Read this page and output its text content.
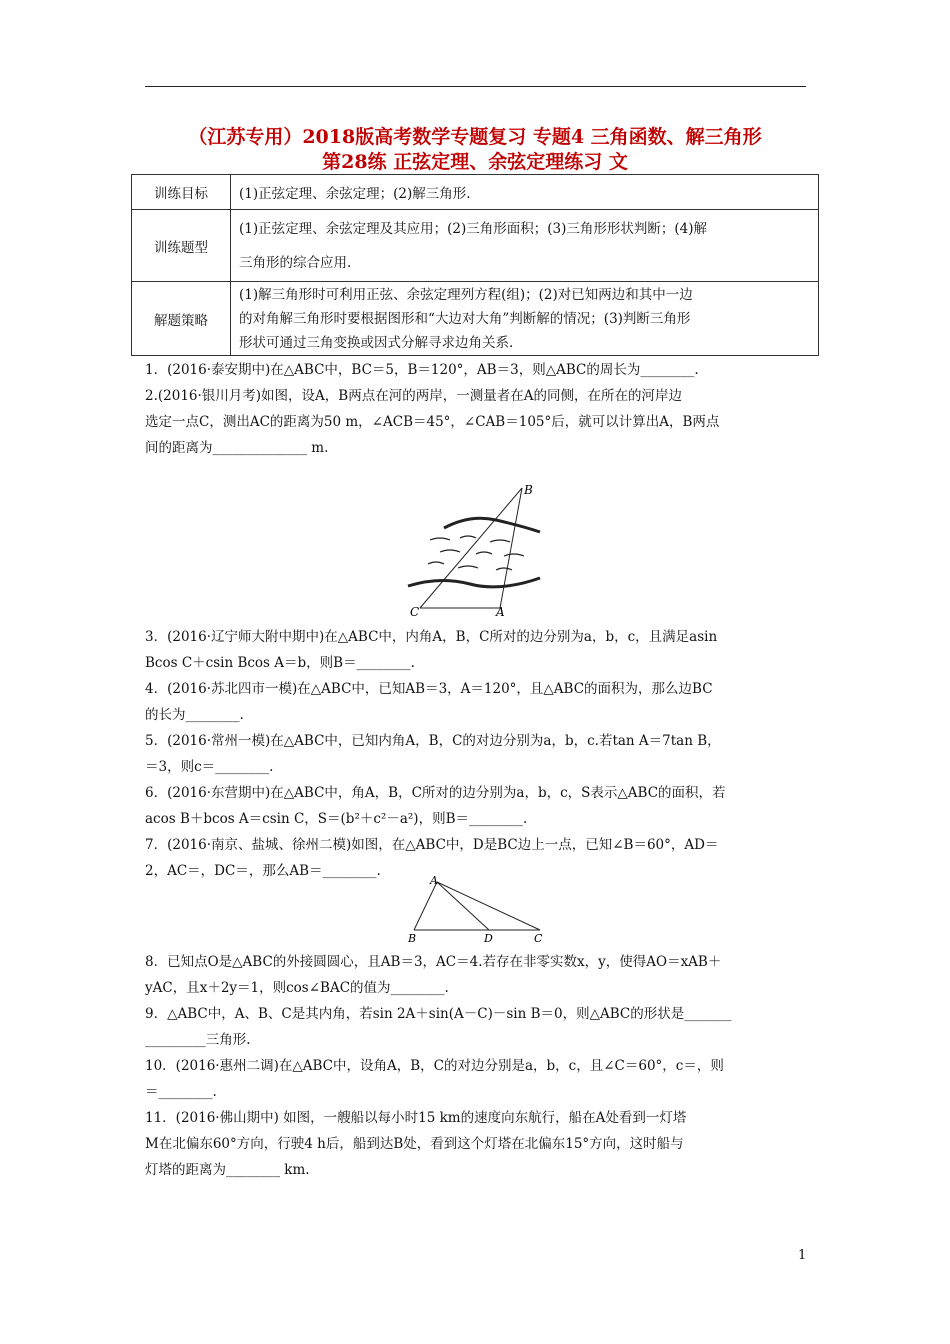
（江苏专用）2018版高考数学专题复习 专题4 三角函数、解三角形
第28练 正弦定理、余弦定理练习 文
训练目标	(1)正弦定理、余弦定理；(2)解三角形.

训练题型	(1)正弦定理、余弦定理及其应用；(2)三角形面积；(3)三角形形状判断；(4)解
三角形的综合应用.

解题策略	(1)解三角形时可利用正弦、余弦定理列方程(组)；(2)对已知两边和其中一边
的对角解三角形时要根据图形和“大边对大角”判断解的情况；(3)判断三角形
形状可通过三角变换或因式分解寻求边角关系.
1．(2016·泰安期中)在△ABC中，BC＝5，B＝120°，AB＝3，则△ABC的周长为________.
2.(2016·银川月考)如图，设A，B两点在河的两岸，一测量者在A的同侧，在所在的河岸边
选定一点C，测出AC的距离为50 m，∠ACB＝45°，∠CAB＝105°后，就可以计算出A，B两点
间的距离为______________ m.
B
C	A
3．(2016·辽宁师大附中期中)在△ABC中，内角A，B，C所对的边分别为a，b，c，且满足asin
Bcos C＋csin Bcos A＝b，则B＝________.
4．(2016·苏北四市一模)在△ABC中，已知AB＝3，A＝120°，且△ABC的面积为，那么边BC
的长为________.
5．(2016·常州一模)在△ABC中，已知内角A，B，C的对边分别为a，b，c.若tan A＝7tan B，
＝3，则c＝________.
6．(2016·东营期中)在△ABC中，角A，B，C所对的边分别为a，b，c，S表示△ABC的面积，若
acos B＋bcos A＝csin C，S＝(b²＋c²－a²)，则B＝________.
7．(2016·南京、盐城、徐州二模)如图，在△ABC中，D是BC边上一点，已知∠B＝60°，AD＝
2，AC＝，DC＝，那么AB＝________.
A
B	D	C
8．已知点O是△ABC的外接圆圆心，且AB＝3，AC＝4.若存在非零实数x，y，使得AO＝xAB＋
yAC，且x＋2y＝1，则cos∠BAC的值为________.
9．△ABC中，A、B、C是其内角，若sin 2A＋sin(A－C)－sin B＝0，则△ABC的形状是_______
_________三角形.
10．(2016·惠州二调)在△ABC中，设角A，B，C的对边分别是a，b，c，且∠C＝60°，c＝，则
＝________.
11．(2016·佛山期中) 如图，一艘船以每小时15 km的速度向东航行，船在A处看到一灯塔
M在北偏东60°方向，行驶4 h后，船到达B处，看到这个灯塔在北偏东15°方向，这时船与
灯塔的距离为________ km.
1
